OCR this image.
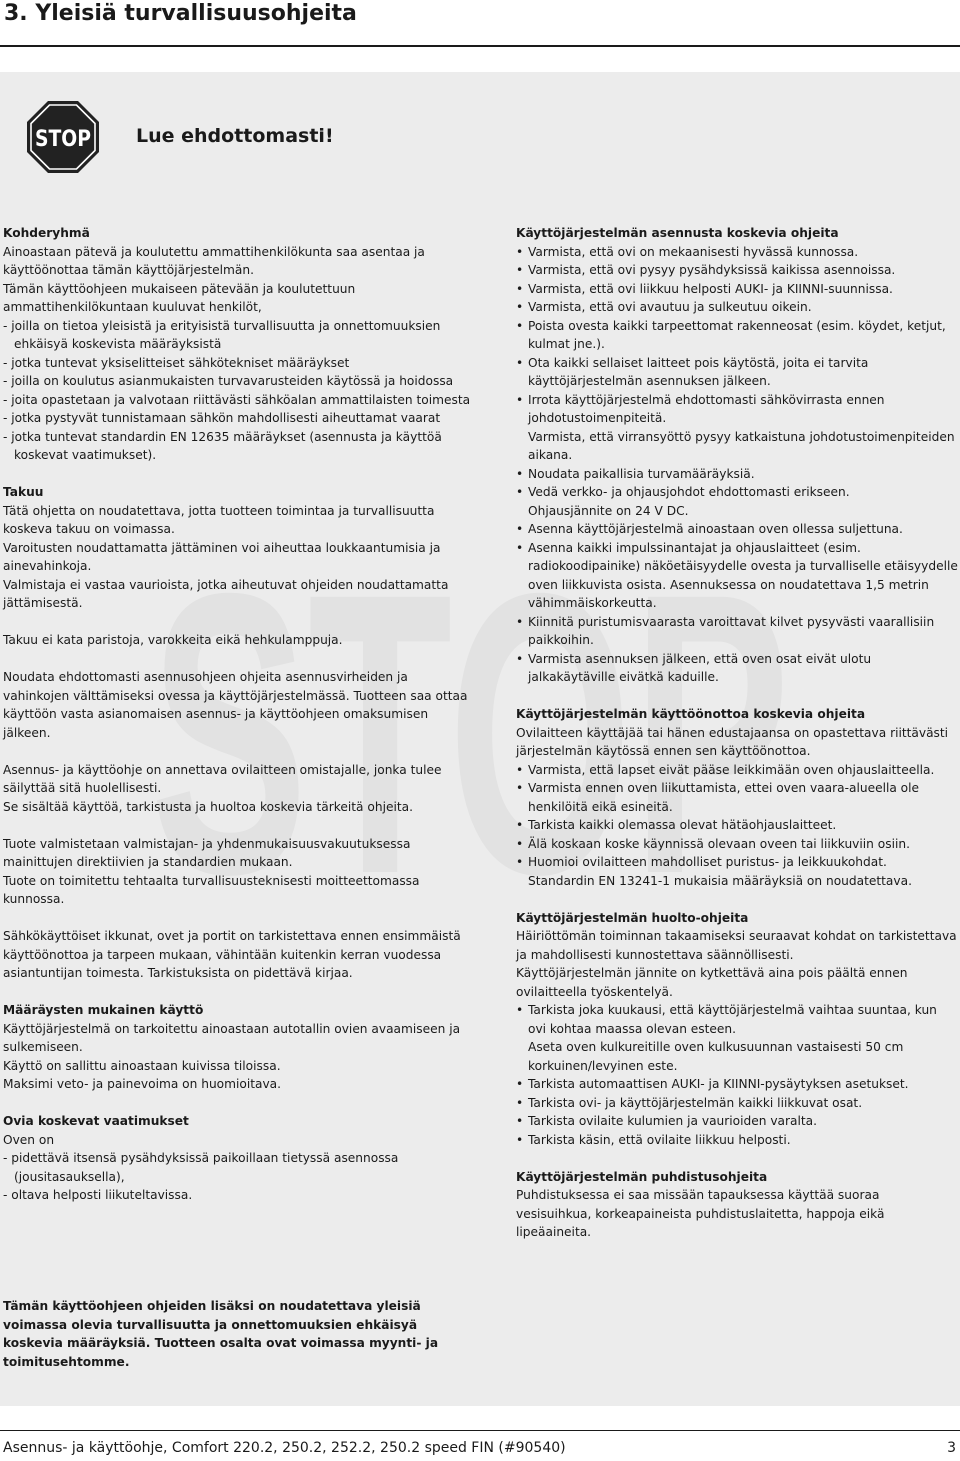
3. Yleisiä turvallisuusohjeita
STOP
STOP Lue ehdottomasti!

Kohderyhmä

Ainoastaan pätevä ja koulutettu ammattihenkilökunta saa asentaa ja käyttöönottaa tämän käyttöjärjestelmän.

Tämän käyttöohjeen mukaiseen pätevään ja koulutettuun ammattihenkilökuntaan kuuluvat henkilöt,

- joilla on tietoa yleisistä ja erityisistä turvallisuutta ja onnettomuuksien ehkäisyä koskevista määräyksistä

- jotka tuntevat yksiselitteiset sähkötekniset määräykset

- joilla on koulutus asianmukaisten turvavarusteiden käytössä ja hoidossa

- joita opastetaan ja valvotaan riittävästi sähköalan ammattilaisten toimesta

- jotka pystyvät tunnistamaan sähkön mahdollisesti aiheuttamat vaarat

- jotka tuntevat standardin EN 12635 määräykset (asennusta ja käyttöä koskevat vaatimukset).

Takuu

Tätä ohjetta on noudatettava, jotta tuotteen toimintaa ja turvallisuutta koskeva takuu on voimassa.

Varoitusten noudattamatta jättäminen voi aiheuttaa loukkaantumisia ja ainevahinkoja.

Valmistaja ei vastaa vaurioista, jotka aiheutuvat ohjeiden noudattamatta jättämisestä.

Takuu ei kata paristoja, varokkeita eikä hehkulamppuja.

Noudata ehdottomasti asennusohjeen ohjeita asennusvirheiden ja vahinkojen välttämiseksi ovessa ja käyttöjärjestelmässä. Tuotteen saa ottaa käyttöön vasta asianomaisen asennus- ja käyttöohjeen omaksumisen jälkeen.

Asennus- ja käyttöohje on annettava ovilaitteen omistajalle, jonka tulee säilyttää sitä huolellisesti.

Se sisältää käyttöä, tarkistusta ja huoltoa koskevia tärkeitä ohjeita.

Tuote valmistetaan valmistajan- ja yhdenmukaisuusvakuutuksessa mainittujen direktiivien ja standardien mukaan.

Tuote on toimitettu tehtaalta turvallisuusteknisesti moitteettomassa kunnossa.

Sähkökäyttöiset ikkunat, ovet ja portit on tarkistettava ennen ensimmäistä käyttöönottoa ja tarpeen mukaan, vähintään kuitenkin kerran vuodessa asiantuntijan toimesta. Tarkistuksista on pidettävä kirjaa.

Määräysten mukainen käyttö

Käyttöjärjestelmä on tarkoitettu ainoastaan autotallin ovien avaamiseen ja sulkemiseen.

Käyttö on sallittu ainoastaan kuivissa tiloissa.

Maksimi veto- ja painevoima on huomioitava.

Ovia koskevat vaatimukset

Oven on

- pidettävä itsensä pysähdyksissä paikoillaan tietyssä asennossa (jousitasauksella),

- oltava helposti liikuteltavissa.

Käyttöjärjestelmän asennusta koskevia ohjeita

• Varmista, että ovi on mekaanisesti hyvässä kunnossa.
• Varmista, että ovi pysyy pysähdyksissä kaikissa asennoissa.
• Varmista, että ovi liikkuu helposti AUKI- ja KIINNI-suunnissa.
• Varmista, että ovi avautuu ja sulkeutuu oikein.
• Poista ovesta kaikki tarpeettomat rakenneosat (esim. köydet, ketjut, kulmat jne.).
• Ota kaikki sellaiset laitteet pois käytöstä, joita ei tarvita käyttöjärjestelmän asennuksen jälkeen.
• Irrota käyttöjärjestelmä ehdottomasti sähkövirrasta ennen johdotustoimenpiteitä.

Varmista, että virransyöttö pysyy katkaistuna johdotustoimenpiteiden aikana.

• Noudata paikallisia turvamääräyksiä.
• Vedä verkko- ja ohjausjohdot ehdottomasti erikseen.

Ohjausjännite on 24 V DC.

• Asenna käyttöjärjestelmä ainoastaan oven ollessa suljettuna.
• Asenna kaikki impulssinantajat ja ohjauslaitteet (esim. radiokoodipainike) näköetäisyydelle ovesta ja turvalliselle etäisyydelle oven liikkuvista osista. Asennuksessa on noudatettava 1,5 metrin vähimmäiskorkeutta.
• Kiinnitä puristumisvaarasta varoittavat kilvet pysyvästi vaarallisiin paikkoihin.
• Varmista asennuksen jälkeen, että oven osat eivät ulotu jalkakäytäville eivätkä kaduille.

Käyttöjärjestelmän käyttöönottoa koskevia ohjeita

Ovilaitteen käyttäjää tai hänen edustajaansa on opastettava riittävästi järjestelmän käytössä ennen sen käyttöönottoa.

• Varmista, että lapset eivät pääse leikkimään oven ohjauslaitteella.
• Varmista ennen oven liikuttamista, ettei oven vaara-alueella ole henkilöitä eikä esineitä.
• Tarkista kaikki olemassa olevat hätäohjauslaitteet.
• Älä koskaan koske käynnissä olevaan oveen tai liikkuviin osiin.
• Huomioi ovilaitteen mahdolliset puristus- ja leikkuukohdat.

Standardin EN 13241-1 mukaisia määräyksiä on noudatettava.

Käyttöjärjestelmän huolto-ohjeita

Häiriöttömän toiminnan takaamiseksi seuraavat kohdat on tarkistettava ja mahdollisesti kunnostettava säännöllisesti.

Käyttöjärjestelmän jännite on kytkettävä aina pois päältä ennen ovilaitteella työskentelyä.

• Tarkista joka kuukausi, että käyttöjärjestelmä vaihtaa suuntaa, kun ovi kohtaa maassa olevan esteen.

Aseta oven kulkureitille oven kulkusuunnan vastaisesti 50 cm korkuinen/levyinen este.

• Tarkista automaattisen AUKI- ja KIINNI-pysäytyksen asetukset.
• Tarkista ovi- ja käyttöjärjestelmän kaikki liikkuvat osat.
• Tarkista ovilaite kulumien ja vaurioiden varalta.
• Tarkista käsin, että ovilaite liikkuu helposti.

Käyttöjärjestelmän puhdistusohjeita

Puhdistuksessa ei saa missään tapauksessa käyttää suoraa vesisuihkua, korkeapaineista puhdistuslaitetta, happoja eikä lipeäaineita.

Tämän käyttöohjeen ohjeiden lisäksi on noudatettava yleisiä voimassa olevia turvallisuutta ja onnettomuuksien ehkäisyä koskevia määräyksiä. Tuotteen osalta ovat voimassa myynti- ja toimitusehtomme.

Asennus- ja käyttöohje, Comfort 220.2, 250.2, 252.2, 250.2 speed FIN (#90540)	3
